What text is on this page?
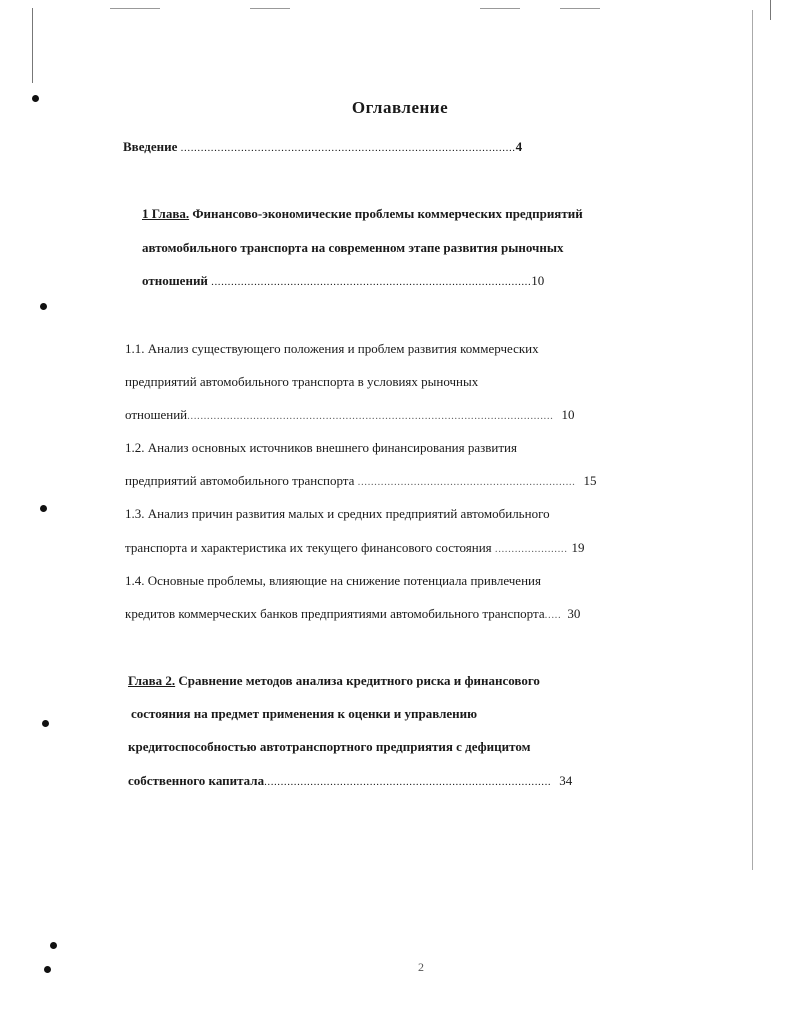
Оглавление
Введение ....................................................................................................4
1 Глава. Финансово-экономические проблемы коммерческих предприятий
автомобильного транспорта на современном этапе развития рыночных
отношений .................................................................................................10
1.1. Анализ существующего положения и проблем развития коммерческих
предприятий автомобильного транспорта в условиях рыночных
отношений............................................................................................................... 10
1.2. Анализ основных источников внешнего финансирования развития
предприятий автомобильного транспорта .................................................................. 15
1.3. Анализ причин развития малых и средних предприятий автомобильного
транспорта и характеристика их текущего финансового состояния ...................... 19
1.4. Основные проблемы, влияющие на снижение потенциала привлечения
кредитов коммерческих банков предприятиями автомобильного транспорта..... 30
Глава 2. Сравнение методов анализа кредитного риска и финансового
состояния на предмет применения к оценки и управлению
кредитоспособностью автотранспортного предприятия с дефицитом
собственного капитала....................................................................................... 34
2
